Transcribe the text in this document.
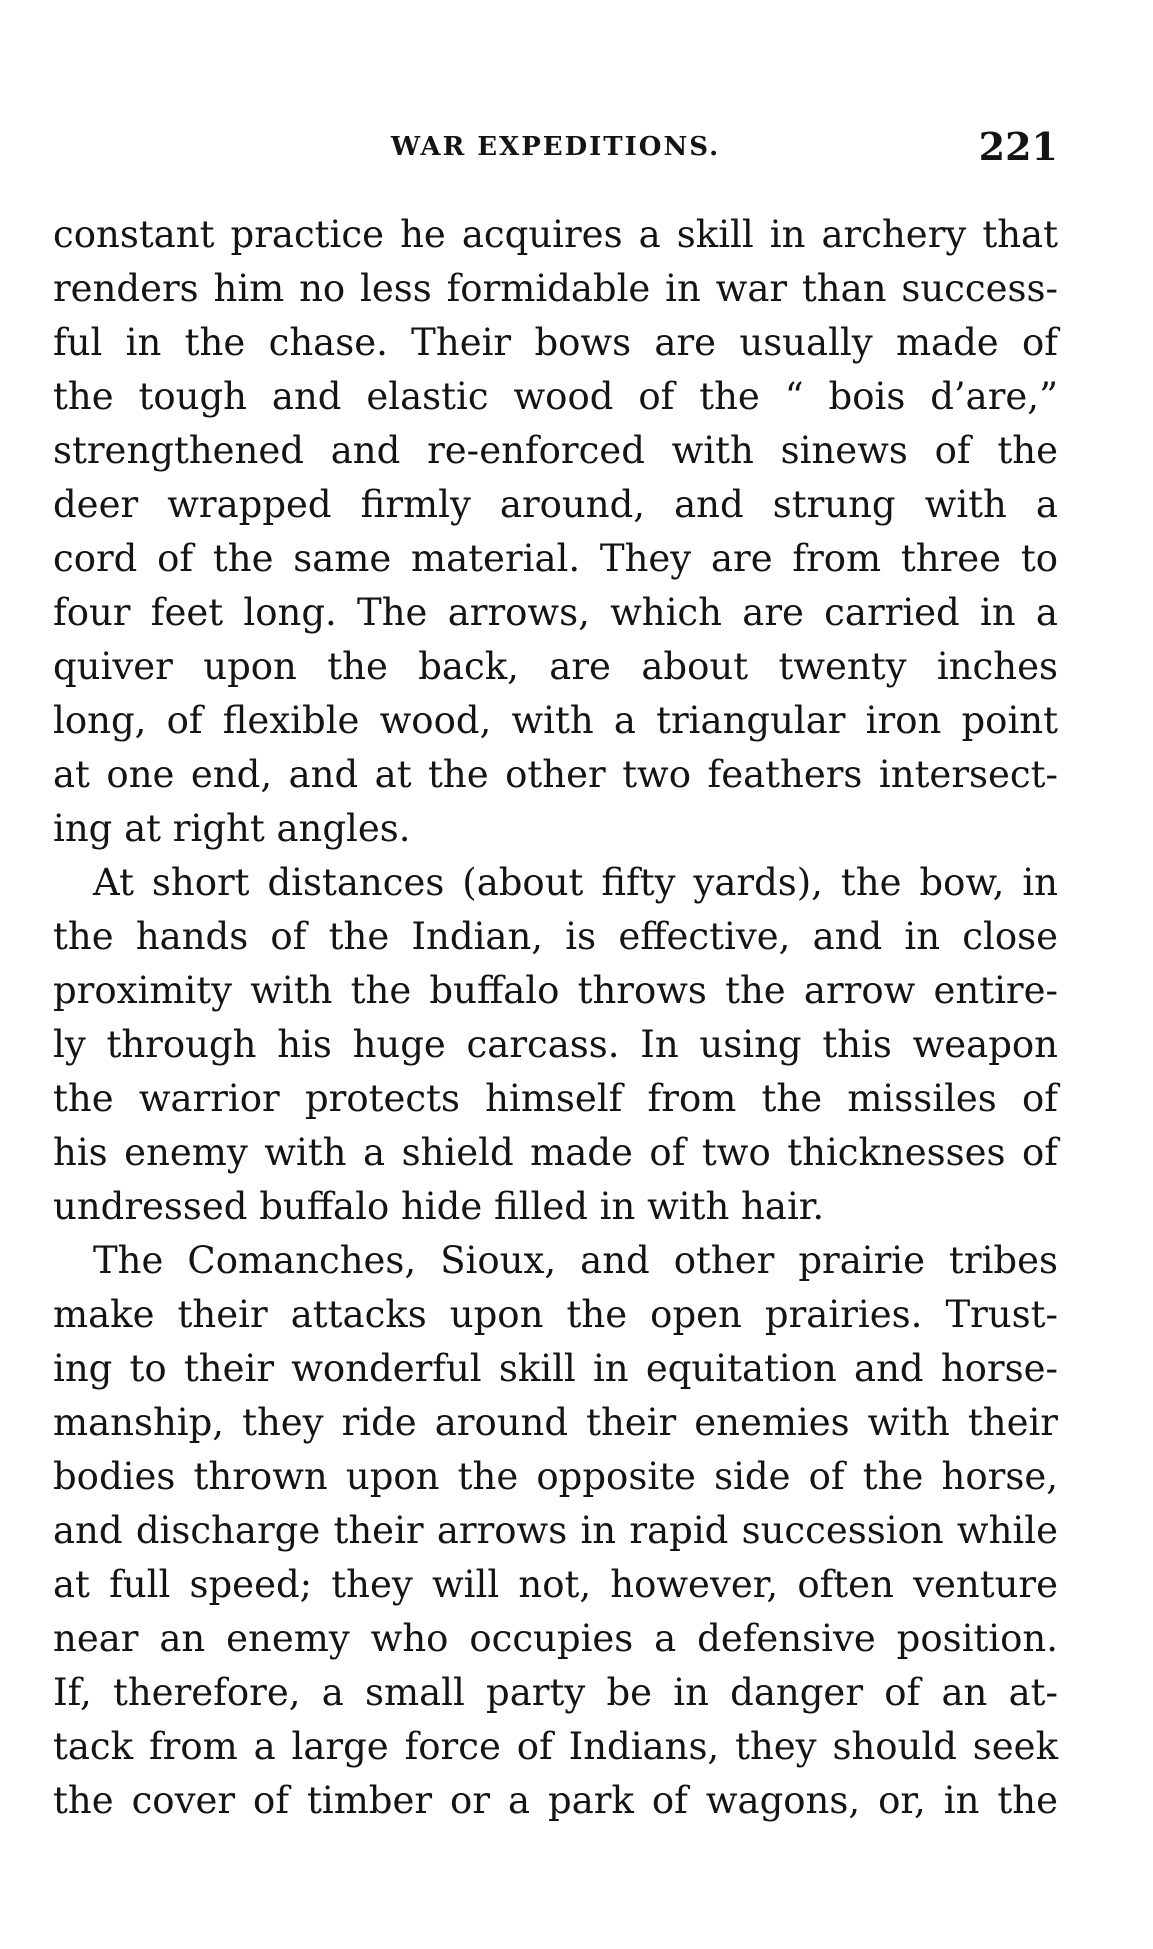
WAR EXPEDITIONS.	221
constant practice he acquires a skill in archery that
renders him no less formidable in war than success-
ful in the chase. Their bows are usually made of
the tough and elastic wood of the “ bois d’are,”
strengthened and re-enforced with sinews of the
deer wrapped firmly around, and strung with a
cord of the same material. They are from three to
four feet long. The arrows, which are carried in a
quiver upon the back, are about twenty inches
long, of flexible wood, with a triangular iron point
at one end, and at the other two feathers intersect-
ing at right angles.
At short distances (about fifty yards), the bow, in
the hands of the Indian, is effective, and in close
proximity with the buffalo throws the arrow entire-
ly through his huge carcass. In using this weapon
the warrior protects himself from the missiles of
his enemy with a shield made of two thicknesses of
undressed buffalo hide filled in with hair.
The Comanches, Sioux, and other prairie tribes
make their attacks upon the open prairies. Trust-
ing to their wonderful skill in equitation and horse-
manship, they ride around their enemies with their
bodies thrown upon the opposite side of the horse,
and discharge their arrows in rapid succession while
at full speed; they will not, however, often venture
near an enemy who occupies a defensive position.
If, therefore, a small party be in danger of an at-
tack from a large force of Indians, they should seek
the cover of timber or a park of wagons, or, in the
